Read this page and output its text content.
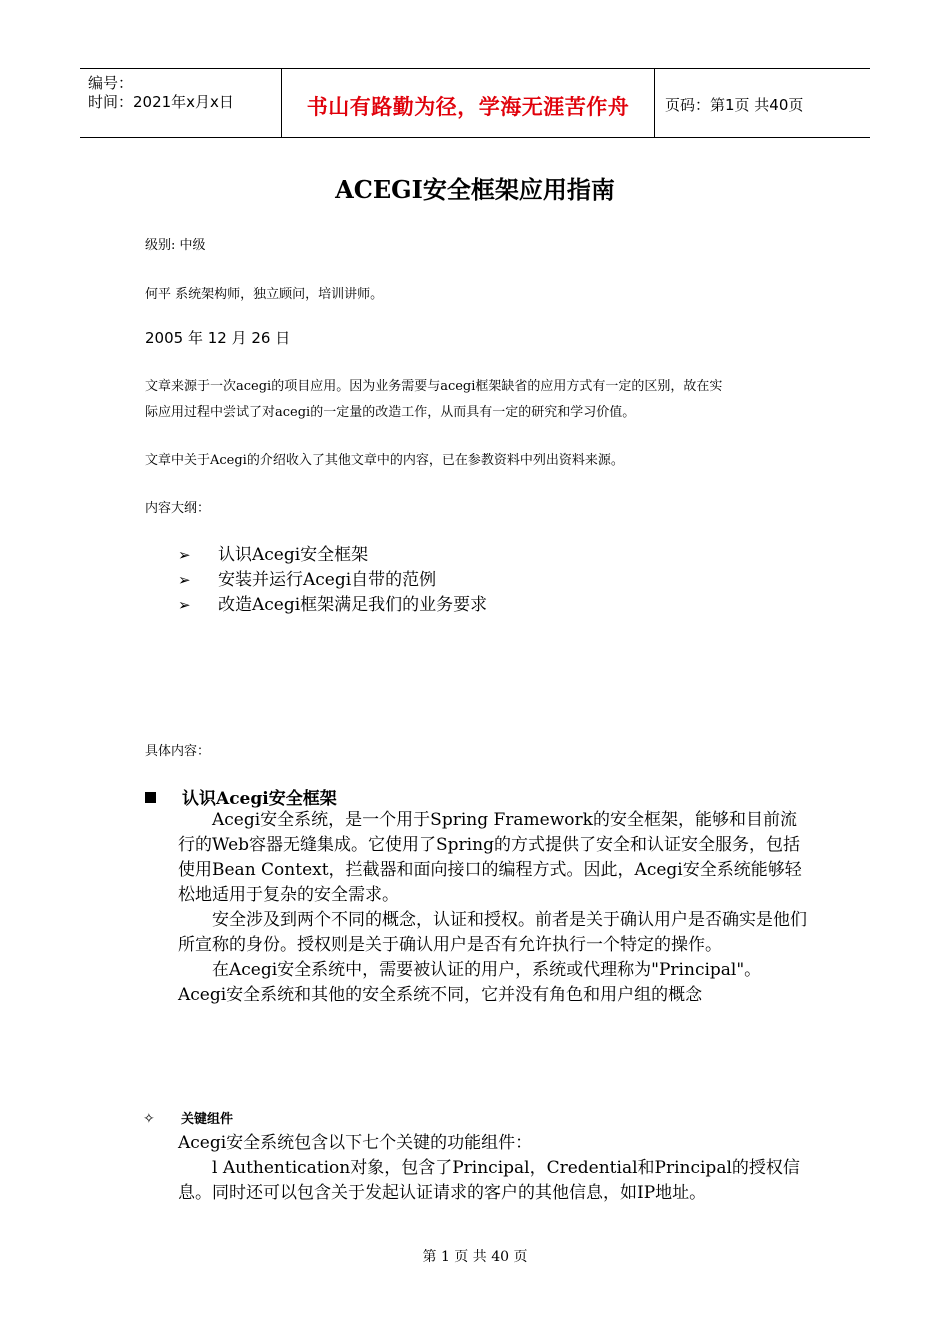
编号：
时间：2021年x月x日	书山有路勤为径，学海无涯苦作舟	页码：第1页 共40页
ACEGI安全框架应用指南
级别: 中级
何平 系统架构师，独立顾问，培训讲师。
2005 年 12 月 26 日
文章来源于一次acegi的项目应用。因为业务需要与acegi框架缺省的应用方式有一定的区别，故在实
际应用过程中尝试了对acegi的一定量的改造工作，从而具有一定的研究和学习价值。
文章中关于Acegi的介绍收入了其他文章中的内容，已在参教资料中列出资料来源。
内容大纲：
➢ 认识Acegi安全框架
➢ 安装并运行Acegi自带的范例
➢ 改造Acegi框架满足我们的业务要求
具体内容：
认识Acegi安全框架

Acegi安全系统，是一个用于Spring Framework的安全框架，能够和目前流行的Web容器无缝集成。它使用了Spring的方式提供了安全和认证安全服务，包括使用Bean Context，拦截器和面向接口的编程方式。因此，Acegi安全系统能够轻松地适用于复杂的安全需求。

安全涉及到两个不同的概念，认证和授权。前者是关于确认用户是否确实是他们所宣称的身份。授权则是关于确认用户是否有允许执行一个特定的操作。

在Acegi安全系统中，需要被认证的用户，系统或代理称为"Principal"。Acegi安全系统和其他的安全系统不同，它并没有角色和用户组的概念

✧ 关键组件

Acegi安全系统包含以下七个关键的功能组件：

l Authentication对象，包含了Principal，Credential和Principal的授权信息。同时还可以包含关于发起认证请求的客户的其他信息，如IP地址。

第 1 页 共 40 页
